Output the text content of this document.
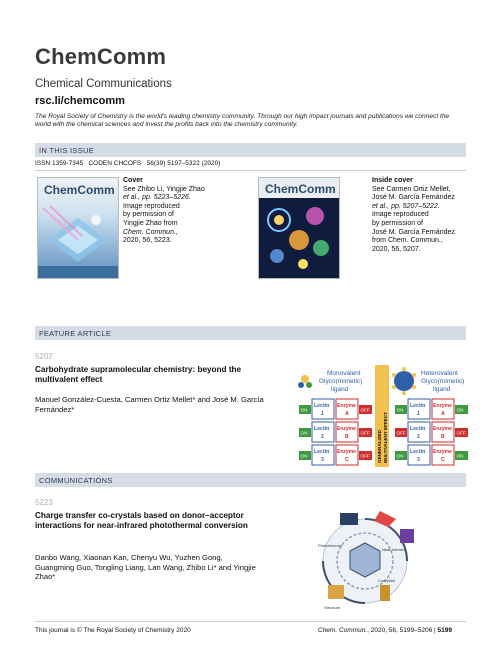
ChemComm
Chemical Communications
rsc.li/chemcomm
The Royal Society of Chemistry is the world's leading chemistry community. Through our high impact journals and publications we connect the world with the chemical sciences and invest the profits back into the chemistry community.
IN THIS ISSUE
ISSN 1359-7345 CODEN CHCOFS 56(39) 5197–5322 (2020)
ChemComm
Cover
See Zhibo Li, Yingjie Zhao
et al., pp. 5223–5226.
Image reproduced
by permission of
Yingjie Zhao from
Chem. Commun.,
2020, 56, 5223.
ChemComm
Inside cover
See Carmen Ortiz Mellet,
José M. García Fernández
et al., pp. 5207–5222.
Image reproduced
by permission of
José M. García Fernández
from Chem. Commun.,
2020, 56, 5207.
FEATURE ARTICLE
5207
Carbohydrate supramolecular chemistry: beyond the multivalent effect
Manuel González-Cuesta, Carmen Ortiz Mellet* and José M. García Fernández*
Monovalent
Glyco(mimetic)
ligand
Heterovalent
Glyco(mimetic)
ligand
GENERALIZED MULTIVALENT EFFECT
ON
Lectin
1
Enzyme
A
OFF
ON
Lectin
2
Enzyme
B
OFF
ON
Lectin
3
Enzyme
C
OFF
ON
Lectin
1
Enzyme
A
ON
OFF
Lectin
2
Enzyme
B
OFF
ON
Lectin
3
Enzyme
C
ON
COMMUNICATIONS
5223
Charge transfer co-crystals based on donor–acceptor interactions for near-infrared photothermal conversion
Danbo Wang, Xiaonan Kan, Chenyu Wu, Yuzhen Gong, Guangming Guo, Tongling Liang, Lan Wang, Zhibo Li* and Yingjie Zhao*
Structure
Cocrystal
Photothermal
Near-infrared
This journal is © The Royal Society of Chemistry 2020	Chem. Commun., 2020, 56, 5199–5206 | 5199
